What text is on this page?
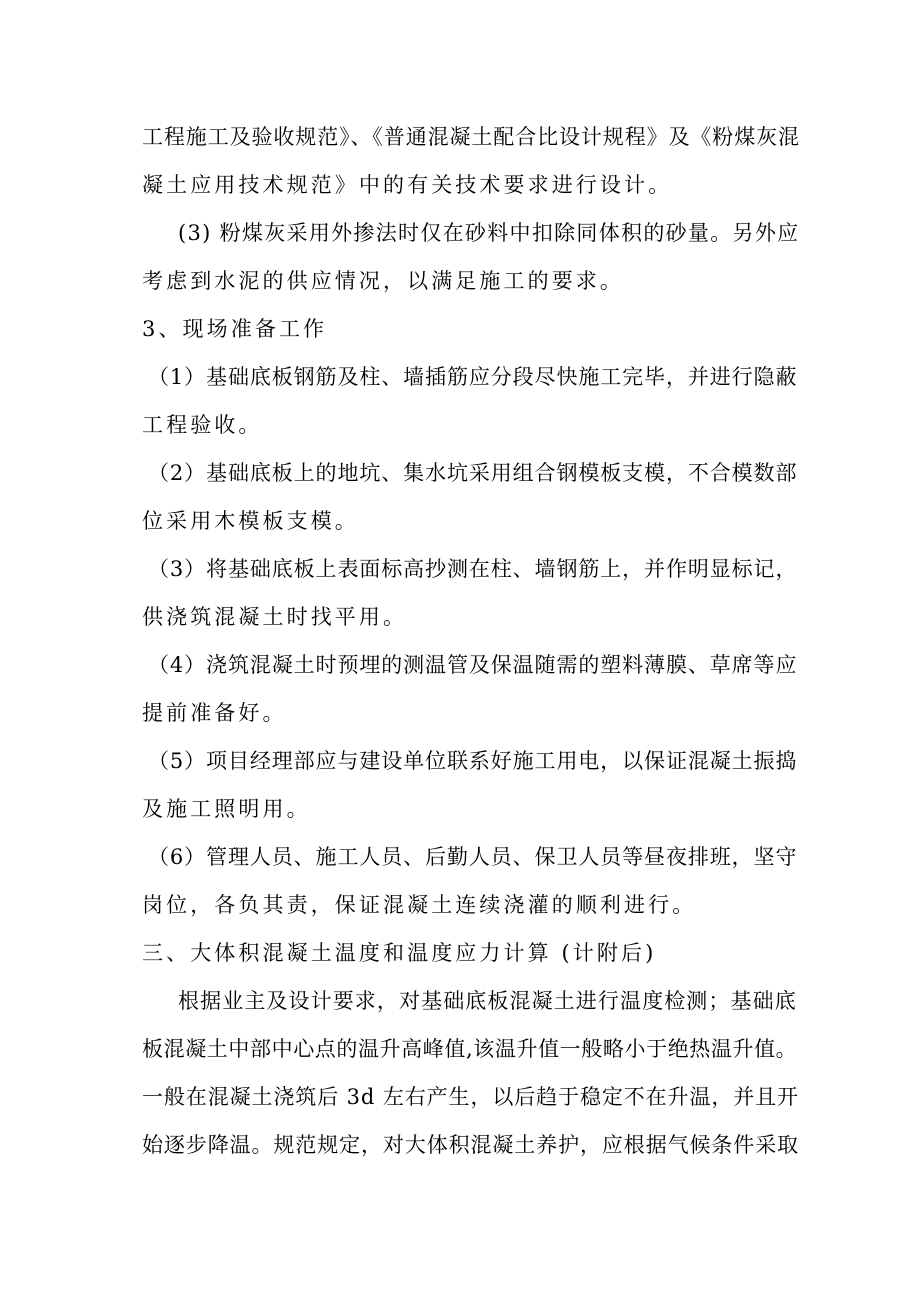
工程施工及验收规范》、《普通混凝土配合比设计规程》及《粉煤灰混
凝土应用技术规范》中的有关技术要求进行设计。
(3) 粉煤灰采用外掺法时仅在砂料中扣除同体积的砂量。另外应
考虑到水泥的供应情况，以满足施工的要求。
3、现场准备工作
（1）基础底板钢筋及柱、墙插筋应分段尽快施工完毕，并进行隐蔽
工程验收。
（2）基础底板上的地坑、集水坑采用组合钢模板支模，不合模数部
位采用木模板支模。
（3）将基础底板上表面标高抄测在柱、墙钢筋上，并作明显标记，
供浇筑混凝土时找平用。
（4）浇筑混凝土时预埋的测温管及保温随需的塑料薄膜、草席等应
提前准备好。
（5）项目经理部应与建设单位联系好施工用电，以保证混凝土振捣
及施工照明用。
（6）管理人员、施工人员、后勤人员、保卫人员等昼夜排班，坚守
岗位，各负其责，保证混凝土连续浇灌的顺利进行。
三、大体积混凝土温度和温度应力计算 (计附后)
根据业主及设计要求，对基础底板混凝土进行温度检测；基础底
板混凝土中部中心点的温升高峰值,该温升值一般略小于绝热温升值。
一般在混凝土浇筑后 3d 左右产生，以后趋于稳定不在升温，并且开
始逐步降温。规范规定，对大体积混凝土养护，应根据气候条件采取
